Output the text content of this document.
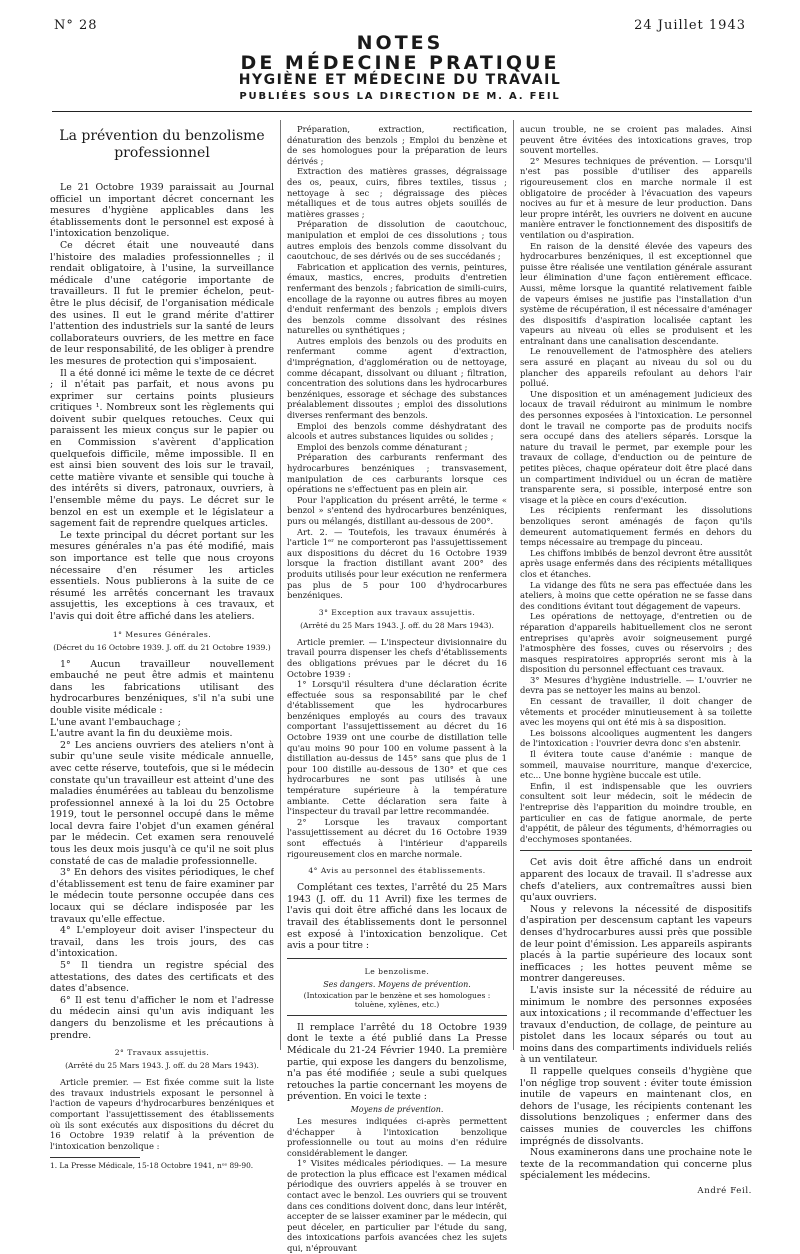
N° 28	24 Juillet 1943
NOTES
DE MÉDECINE PRATIQUE
HYGIÈNE ET MÉDECINE DU TRAVAIL
PUBLIÉES SOUS LA DIRECTION DE M. A. FEIL
La prévention du benzolisme professionnel

Le 21 Octobre 1939 paraissait au Journal officiel un important décret concernant les mesures d'hygiène applicables dans les établissements dont le personnel est exposé à l'intoxication benzolique.

Ce décret était une nouveauté dans l'histoire des maladies professionnelles ; il rendait obligatoire, à l'usine, la surveillance médicale d'une catégorie importante de travailleurs. Il fut le premier échelon, peut-être le plus décisif, de l'organisation médicale des usines. Il eut le grand mérite d'attirer l'attention des industriels sur la santé de leurs collaborateurs ouvriers, de les mettre en face de leur responsabilité, de les obliger à prendre les mesures de protection qui s'imposaient.

Il a été donné ici même le texte de ce décret ; il n'était pas parfait, et nous avons pu exprimer sur certains points plusieurs critiques ¹. Nombreux sont les règlements qui doivent subir quelques retouches. Ceux qui paraissent les mieux conçus sur le papier ou en Commission s'avèrent d'application quelquefois difficile, même impossible. Il en est ainsi bien souvent des lois sur le travail, cette matière vivante et sensible qui touche à des intérêts si divers, patronaux, ouvriers, à l'ensemble même du pays. Le décret sur le benzol en est un exemple et le législateur a sagement fait de reprendre quelques articles.

Le texte principal du décret portant sur les mesures générales n'a pas été modifié, mais son importance est telle que nous croyons nécessaire d'en résumer les articles essentiels. Nous publierons à la suite de ce résumé les arrêtés concernant les travaux assujettis, les exceptions à ces travaux, et l'avis qui doit être affiché dans les ateliers.

1° Mesures Générales.
(Décret du 16 Octobre 1939. J. off. du 21 Octobre 1939.)

1° Aucun travailleur nouvellement embauché ne peut être admis et maintenu dans les fabrications utilisant des hydrocarbures benzéniques, s'il n'a subi une double visite médicale :

L'une avant l'embauchage ;

L'autre avant la fin du deuxième mois.

2° Les anciens ouvriers des ateliers n'ont à subir qu'une seule visite médicale annuelle, avec cette réserve, toutefois, que si le médecin constate qu'un travailleur est atteint d'une des maladies énumérées au tableau du benzolisme professionnel annexé à la loi du 25 Octobre 1919, tout le personnel occupé dans le même local devra faire l'objet d'un examen général par le médecin. Cet examen sera renouvelé tous les deux mois jusqu'à ce qu'il ne soit plus constaté de cas de maladie professionnelle.

3° En dehors des visites périodiques, le chef d'établissement est tenu de faire examiner par le médecin toute personne occupée dans ces locaux qui se déclare indisposée par les travaux qu'elle effectue.

4° L'employeur doit aviser l'inspecteur du travail, dans les trois jours, des cas d'intoxication.

5° Il tiendra un registre spécial des attestations, des dates des certificats et des dates d'absence.

6° Il est tenu d'afficher le nom et l'adresse du médecin ainsi qu'un avis indiquant les dangers du benzolisme et les précautions à prendre.

2° Travaux assujettis.
(Arrêté du 25 Mars 1943. J. off. du 28 Mars 1943).

Article premier. — Est fixée comme suit la liste des travaux industriels exposant le personnel à l'action de vapeurs d'hydrocarbures benzéniques et comportant l'assujettissement des établissements où ils sont exécutés aux dispositions du décret du 16 Octobre 1939 relatif à la prévention de l'intoxication benzolique :

1. La Presse Médicale, 15-18 Octobre 1941, nᵒˢ 89-90.

Préparation, extraction, rectification, dénaturation des benzols ; Emploi du benzène et de ses homologues pour la préparation de leurs dérivés ;

Extraction des matières grasses, dégraissage des os, peaux, cuirs, fibres textiles, tissus ; nettoyage à sec ; dégraissage des pièces métalliques et de tous autres objets souillés de matières grasses ;

Préparation de dissolution de caoutchouc, manipulation et emploi de ces dissolutions ; tous autres emplois des benzols comme dissolvant du caoutchouc, de ses dérivés ou de ses succédanés ;

Fabrication et application des vernis, peintures, émaux, mastics, encres, produits d'entretien renfermant des benzols ; fabrication de simili-cuirs, encollage de la rayonne ou autres fibres au moyen d'enduit renfermant des benzols ; emplois divers des benzols comme dissolvant des résines naturelles ou synthétiques ;

Autres emplois des benzols ou des produits en renfermant comme agent d'extraction, d'imprégnation, d'agglomération ou de nettoyage, comme décapant, dissolvant ou diluant ; filtration, concentration des solutions dans les hydrocarbures benzéniques, essorage et séchage des substances préalablement dissoutes ; emploi des dissolutions diverses renfermant des benzols.

Emploi des benzols comme déshydratant des alcools et autres substances liquides ou solides ;

Emploi des benzols comme dénaturant ;

Préparation des carburants renfermant des hydrocarbures benzéniques ; transvasement, manipulation de ces carburants lorsque ces opérations ne s'effectuent pas en plein air.

Pour l'application du présent arrêté, le terme « benzol » s'entend des hydrocarbures benzéniques, purs ou mélangés, distillant au-dessous de 200°.

Art. 2. — Toutefois, les travaux énumérés à l'article 1ᵉʳ ne comporteront pas l'assujettissement aux dispositions du décret du 16 Octobre 1939 lorsque la fraction distillant avant 200° des produits utilisés pour leur exécution ne renfermera pas plus de 5 pour 100 d'hydrocarbures benzéniques.

3° Exception aux travaux assujettis.
(Arrêté du 25 Mars 1943. J. off. du 28 Mars 1943).

Article premier. — L'inspecteur divisionnaire du travail pourra dispenser les chefs d'établissements des obligations prévues par le décret du 16 Octobre 1939 :

1° Lorsqu'il résultera d'une déclaration écrite effectuée sous sa responsabilité par le chef d'établissement que les hydrocarbures benzéniques employés au cours des travaux comportant l'assujettissement au décret du 16 Octobre 1939 ont une courbe de distillation telle qu'au moins 90 pour 100 en volume passent à la distillation au-dessus de 145° sans que plus de 1 pour 100 distille au-dessous de 130° et que ces hydrocarbures ne sont pas utilisés à une température supérieure à la température ambiante. Cette déclaration sera faite à l'inspecteur du travail par lettre recommandée.

2° Lorsque les travaux comportant l'assujettissement au décret du 16 Octobre 1939 sont effectués à l'intérieur d'appareils rigoureusement clos en marche normale.

4° Avis au personnel des établissements.

Complétant ces textes, l'arrêté du 25 Mars 1943 (J. off. du 11 Avril) fixe les termes de l'avis qui doit être affiché dans les locaux de travail des établissements dont le personnel est exposé à l'intoxication benzolique. Cet avis a pour titre :

Le benzolisme.
Ses dangers. Moyens de prévention.
(Intoxication par le benzène et ses homologues : toluène, xylènes, etc.)

Il remplace l'arrêté du 18 Octobre 1939 dont le texte a été publié dans La Presse Médicale du 21-24 Février 1940. La première partie, qui expose les dangers du benzolisme, n'a pas été modifiée ; seule a subi quelques retouches la partie concernant les moyens de prévention. En voici le texte :

Moyens de prévention.

Les mesures indiquées ci-après permettent d'échapper à l'intoxication benzolique professionnelle ou tout au moins d'en réduire considérablement le danger.

1° Visites médicales périodiques. — La mesure de protection la plus efficace est l'examen médical périodique des ouvriers appelés à se trouver en contact avec le benzol. Les ouvriers qui se trouvent dans ces conditions doivent donc, dans leur intérêt, accepter de se laisser examiner par le médecin, qui peut déceler, en particulier par l'étude du sang, des intoxications parfois avancées chez les sujets qui, n'éprouvant

aucun trouble, ne se croient pas malades. Ainsi peuvent être évitées des intoxications graves, trop souvent mortelles.

2° Mesures techniques de prévention. — Lorsqu'il n'est pas possible d'utiliser des appareils rigoureusement clos en marche normale il est obligatoire de procéder à l'évacuation des vapeurs nocives au fur et à mesure de leur production. Dans leur propre intérêt, les ouvriers ne doivent en aucune manière entraver le fonctionnement des dispositifs de ventilation ou d'aspiration.

En raison de la densité élevée des vapeurs des hydrocarbures benzéniques, il est exceptionnel que puisse être réalisée une ventilation générale assurant leur élimination d'une façon entièrement efficace. Aussi, même lorsque la quantité relativement faible de vapeurs émises ne justifie pas l'installation d'un système de récupération, il est nécessaire d'aménager des dispositifs d'aspiration localisée captant les vapeurs au niveau où elles se produisent et les entraînant dans une canalisation descendante.

Le renouvellement de l'atmosphère des ateliers sera assuré en plaçant au niveau du sol ou du plancher des appareils refoulant au dehors l'air pollué.

Une disposition et un aménagement judicieux des locaux de travail réduiront au minimum le nombre des personnes exposées à l'intoxication. Le personnel dont le travail ne comporte pas de produits nocifs sera occupé dans des ateliers séparés. Lorsque la nature du travail le permet, par exemple pour les travaux de collage, d'enduction ou de peinture de petites pièces, chaque opérateur doit être placé dans un compartiment individuel ou un écran de matière transparente sera, si possible, interposé entre son visage et la pièce en cours d'exécution.

Les récipients renfermant les dissolutions benzoliques seront aménagés de façon qu'ils demeurent automatiquement fermés en dehors du temps nécessaire au trempage du pinceau.

Les chiffons imbibés de benzol devront être aussitôt après usage enfermés dans des récipients métalliques clos et étanches.

La vidange des fûts ne sera pas effectuée dans les ateliers, à moins que cette opération ne se fasse dans des conditions évitant tout dégagement de vapeurs.

Les opérations de nettoyage, d'entretien ou de réparation d'appareils habituellement clos ne seront entreprises qu'après avoir soigneusement purgé l'atmosphère des fosses, cuves ou réservoirs ; des masques respiratoires appropriés seront mis à la disposition du personnel effectuant ces travaux.

3° Mesures d'hygiène industrielle. — L'ouvrier ne devra pas se nettoyer les mains au benzol.

En cessant de travailler, il doit changer de vêtements et procéder minutieusement à sa toilette avec les moyens qui ont été mis à sa disposition.

Les boissons alcooliques augmentent les dangers de l'intoxication : l'ouvrier devra donc s'en abstenir.

Il évitera toute cause d'anémie : manque de sommeil, mauvaise nourriture, manque d'exercice, etc... Une bonne hygiène buccale est utile.

Enfin, il est indispensable que les ouvriers consultent soit leur médecin, soit le médecin de l'entreprise dès l'apparition du moindre trouble, en particulier en cas de fatigue anormale, de perte d'appétit, de pâleur des téguments, d'hémorragies ou d'ecchymoses spontanées.

Cet avis doit être affiché dans un endroit apparent des locaux de travail. Il s'adresse aux chefs d'ateliers, aux contremaîtres aussi bien qu'aux ouvriers.

Nous y relevons la nécessité de dispositifs d'aspiration per descensum captant les vapeurs denses d'hydrocarbures aussi près que possible de leur point d'émission. Les appareils aspirants placés à la partie supérieure des locaux sont inefficaces ; les hottes peuvent même se montrer dangereuses.

L'avis insiste sur la nécessité de réduire au minimum le nombre des personnes exposées aux intoxications ; il recommande d'effectuer les travaux d'enduction, de collage, de peinture au pistolet dans les locaux séparés ou tout au moins dans des compartiments individuels reliés à un ventilateur.

Il rappelle quelques conseils d'hygiène que l'on néglige trop souvent : éviter toute émission inutile de vapeurs en maintenant clos, en dehors de l'usage, les récipients contenant les dissolutions benzoliques ; enfermer dans des caisses munies de couvercles les chiffons imprégnés de dissolvants.

Nous examinerons dans une prochaine note le texte de la recommandation qui concerne plus spécialement les médecins.

André Feil.
